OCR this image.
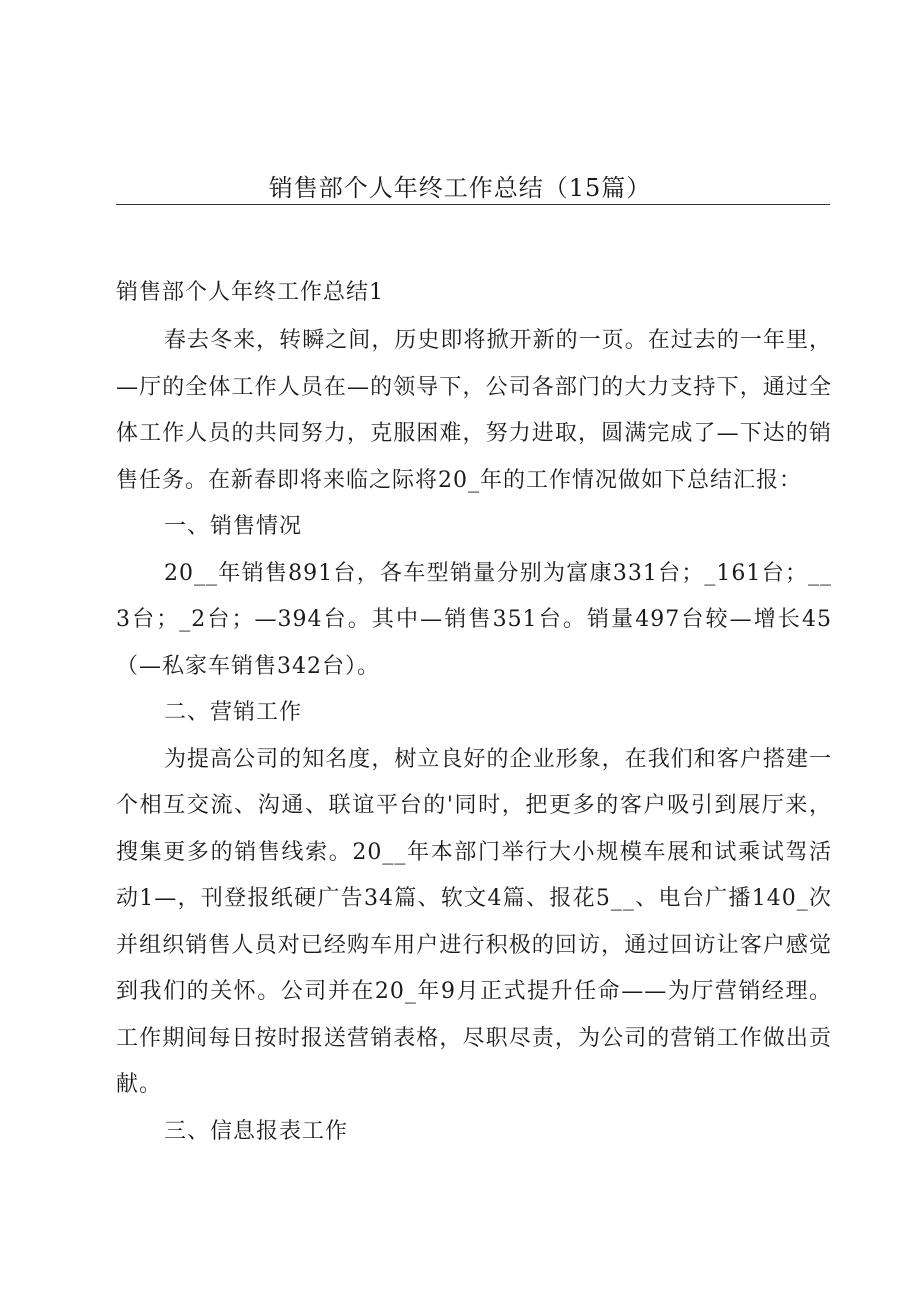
销售部个人年终工作总结（15篇）

销售部个人年终工作总结1

春去冬来，转瞬之间，历史即将掀开新的一页。在过去的一年里，—厅的全体工作人员在—的领导下，公司各部门的大力支持下，通过全体工作人员的共同努力，克服困难，努力进取，圆满完成了—下达的销售任务。在新春即将来临之际将20_年的工作情况做如下总结汇报：

一、销售情况

20__年销售891台，各车型销量分别为富康331台；_161台；__3台；_2台；—394台。其中—销售351台。销量497台较—增长45（—私家车销售342台）。

二、营销工作

为提高公司的知名度，树立良好的企业形象，在我们和客户搭建一个相互交流、沟通、联谊平台的'同时，把更多的客户吸引到展厅来，搜集更多的销售线索。20__年本部门举行大小规模车展和试乘试驾活动1—，刊登报纸硬广告34篇、软文4篇、报花5__、电台广播140_次并组织销售人员对已经购车用户进行积极的回访，通过回访让客户感觉到我们的关怀。公司并在20_年9月正式提升任命——为厅营销经理。工作期间每日按时报送营销表格，尽职尽责，为公司的营销工作做出贡献。

三、信息报表工作
